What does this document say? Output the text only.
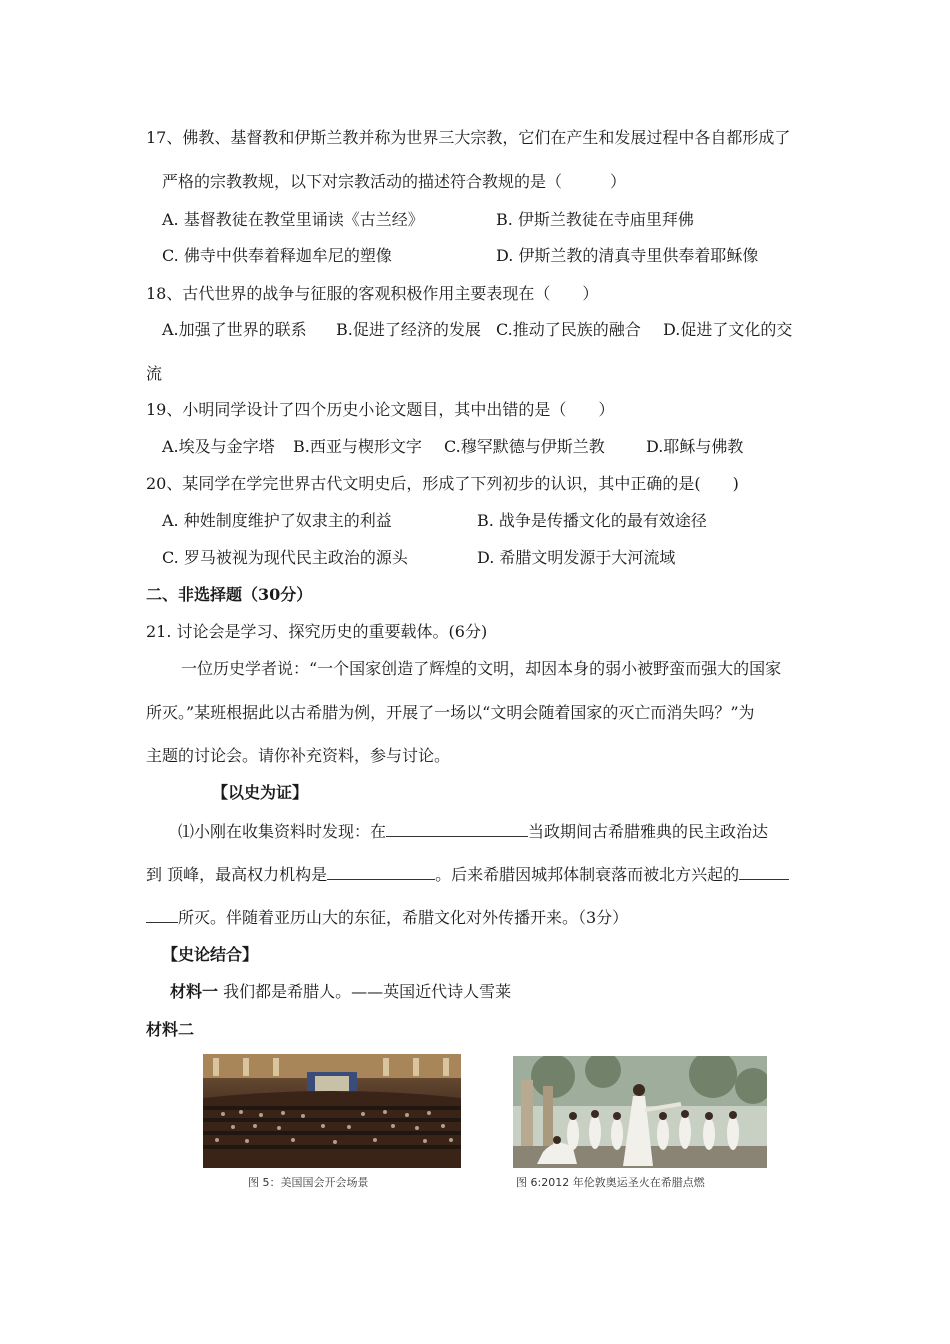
17、佛教、基督教和伊斯兰教并称为世界三大宗教，它们在产生和发展过程中各自都形成了
严格的宗教教规，以下对宗教活动的描述符合教规的是（　　　）
A. 基督教徒在教堂里诵读《古兰经》	B. 伊斯兰教徒在寺庙里拜佛
C. 佛寺中供奉着释迦牟尼的塑像	D. 伊斯兰教的清真寺里供奉着耶稣像
18、古代世界的战争与征服的客观积极作用主要表现在（　　）
A.加强了世界的联系 B.促进了经济的发展 C.推动了民族的融合 D.促进了文化的交
流
19、小明同学设计了四个历史小论文题目，其中出错的是（　　）
A.埃及与金字塔 B.西亚与楔形文字 C.穆罕默德与伊斯兰教	D.耶稣与佛教
20、某同学在学完世界古代文明史后，形成了下列初步的认识，其中正确的是(　　)
A. 种姓制度维护了奴隶主的利益	B. 战争是传播文化的最有效途径
C. 罗马被视为现代民主政治的源头	D. 希腊文明发源于大河流域
二、非选择题（30分）
21. 讨论会是学习、探究历史的重要载体。(6分)
一位历史学者说：“一个国家创造了辉煌的文明，却因本身的弱小被野蛮而强大的国家
所灭。”某班根据此以古希腊为例，开展了一场以“文明会随着国家的灭亡而消失吗？”为
主题的讨论会。请你补充资料，参与讨论。
【以史为证】
⑴小刚在收集资料时发现：在	当政期间古希腊雅典的民主政治达
到 顶峰，最高权力机构是	。后来希腊因城邦体制衰落而被北方兴起的
所灭。伴随着亚历山大的东征，希腊文化对外传播开来。（3分）
【史论结合】
材料一 我们都是希腊人。——英国近代诗人雪莱
材料二
图 5：美国国会开会场景	图 6:2012 年伦敦奥运圣火在希腊点燃
